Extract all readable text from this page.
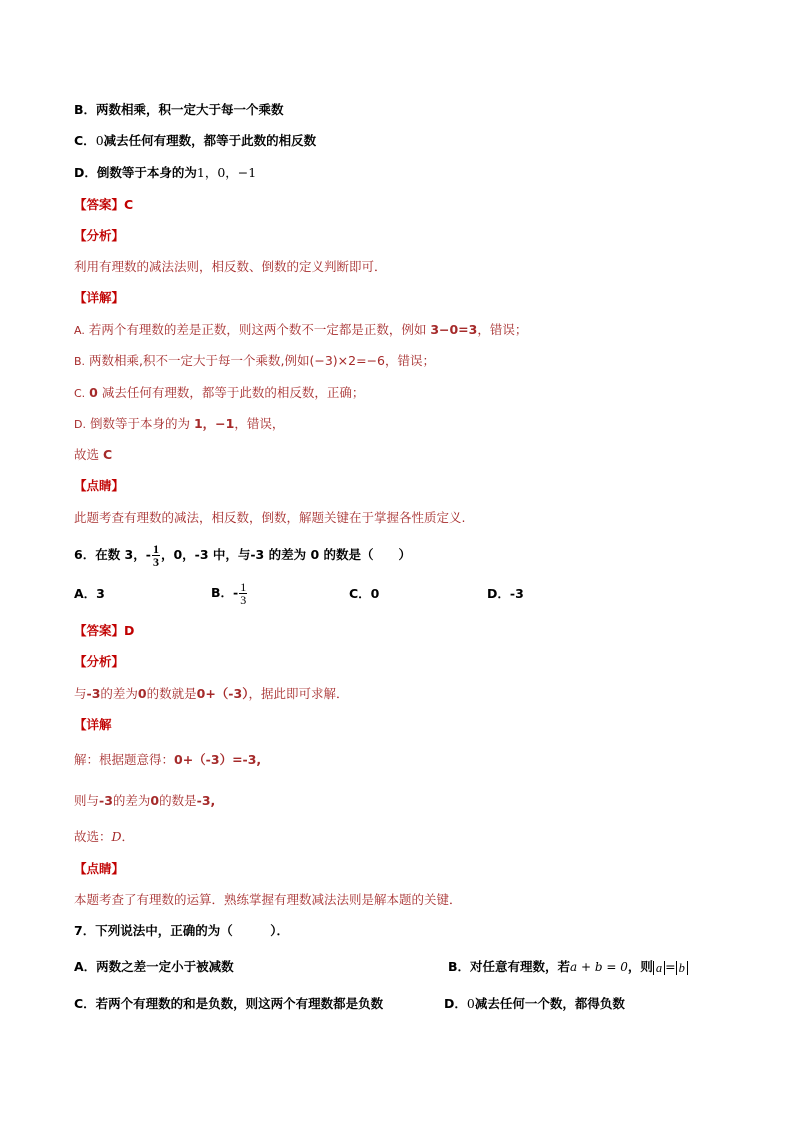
B．两数相乘，积一定大于每一个乘数
C．0减去任何有理数，都等于此数的相反数
D．倒数等于本身的为1，0，−1
【答案】C
【分析】
利用有理数的减法法则，相反数、倒数的定义判断即可．
【详解】
A. 若两个有理数的差是正数，则这两个数不一定都是正数，例如 3−0=3，错误；
B. 两数相乘,积不一定大于每一个乘数,例如(−3)×2=−6，错误；
C. 0 减去任何有理数，都等于此数的相反数，正确；
D. 倒数等于本身的为 1，−1，错误，
故选 C
【点睛】
此题考查有理数的减法，相反数，倒数，解题关键在于掌握各性质定义.
6．在数 3，- $\frac{1}{3}$ ，0，-3 中，与-3 的差为 0 的数是（　　）
A．3	B．- $\frac{1}{3}$	C．0	D．-3
【答案】D
【分析】
与-3的差为0的数就是0+（-3），据此即可求解．
【详解
解：根据题意得：0+（-3）=-3,
则与-3的差为0的数是-3,
故选：D．
【点睛】
本题考查了有理数的运算．熟练掌握有理数减法法则是解本题的关键．
7．下列说法中，正确的为（　　　）．
A．两数之差一定小于被减数	B．对任意有理数，若a + b = 0，则 a = b
C．若两个有理数的和是负数，则这两个有理数都是负数	D．0减去任何一个数，都得负数
